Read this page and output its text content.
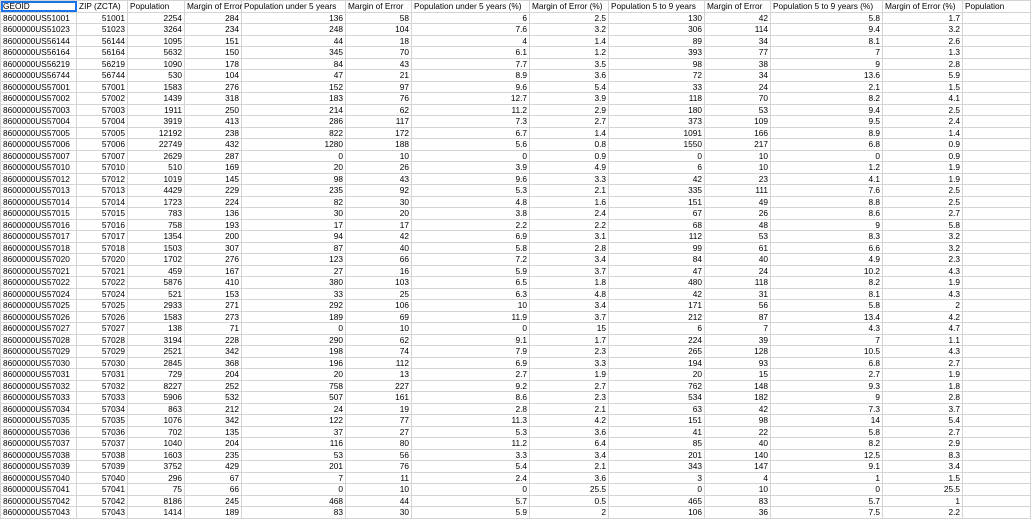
GEOID	ZIP (ZCTA)	Population	Margin of Error	Population under 5 years	Margin of Error	Population under 5 years (%)	Margin of Error (%)	Population 5 to 9 years	Margin of Error	Population 5 to 9 years (%)	Margin of Error (%)	Population
8600000US51001	51001	2254	284	136	58	6	2.5	130	42	5.8	1.7	
8600000US51023	51023	3264	234	248	104	7.6	3.2	306	114	9.4	3.2	
8600000US56144	56144	1095	151	44	18	4	1.4	89	34	8.1	2.6	
8600000US56164	56164	5632	150	345	70	6.1	1.2	393	77	7	1.3	
8600000US56219	56219	1090	178	84	43	7.7	3.5	98	38	9	2.8	
8600000US56744	56744	530	104	47	21	8.9	3.6	72	34	13.6	5.9	
8600000US57001	57001	1583	276	152	97	9.6	5.4	33	24	2.1	1.5	
8600000US57002	57002	1439	318	183	76	12.7	3.9	118	70	8.2	4.1	
8600000US57003	57003	1911	250	214	62	11.2	2.9	180	53	9.4	2.5	
8600000US57004	57004	3919	413	286	117	7.3	2.7	373	109	9.5	2.4	
8600000US57005	57005	12192	238	822	172	6.7	1.4	1091	166	8.9	1.4	
8600000US57006	57006	22749	432	1280	188	5.6	0.8	1550	217	6.8	0.9	
8600000US57007	57007	2629	287	0	10	0	0.9	0	10	0	0.9	
8600000US57010	57010	510	169	20	26	3.9	4.9	6	10	1.2	1.9	
8600000US57012	57012	1019	145	98	43	9.6	3.3	42	23	4.1	1.9	
8600000US57013	57013	4429	229	235	92	5.3	2.1	335	111	7.6	2.5	
8600000US57014	57014	1723	224	82	30	4.8	1.6	151	49	8.8	2.5	
8600000US57015	57015	783	136	30	20	3.8	2.4	67	26	8.6	2.7	
8600000US57016	57016	758	193	17	17	2.2	2.2	68	48	9	5.8	
8600000US57017	57017	1354	200	94	42	6.9	3.1	112	53	8.3	3.2	
8600000US57018	57018	1503	307	87	40	5.8	2.8	99	61	6.6	3.2	
8600000US57020	57020	1702	276	123	66	7.2	3.4	84	40	4.9	2.3	
8600000US57021	57021	459	167	27	16	5.9	3.7	47	24	10.2	4.3	
8600000US57022	57022	5876	410	380	103	6.5	1.8	480	118	8.2	1.9	
8600000US57024	57024	521	153	33	25	6.3	4.8	42	31	8.1	4.3	
8600000US57025	57025	2933	271	292	106	10	3.4	171	56	5.8	2	
8600000US57026	57026	1583	273	189	69	11.9	3.7	212	87	13.4	4.2	
8600000US57027	57027	138	71	0	10	0	15	6	7	4.3	4.7	
8600000US57028	57028	3194	228	290	62	9.1	1.7	224	39	7	1.1	
8600000US57029	57029	2521	342	198	74	7.9	2.3	265	128	10.5	4.3	
8600000US57030	57030	2845	368	196	112	6.9	3.3	194	93	6.8	2.7	
8600000US57031	57031	729	204	20	13	2.7	1.9	20	15	2.7	1.9	
8600000US57032	57032	8227	252	758	227	9.2	2.7	762	148	9.3	1.8	
8600000US57033	57033	5906	532	507	161	8.6	2.3	534	182	9	2.8	
8600000US57034	57034	863	212	24	19	2.8	2.1	63	42	7.3	3.7	
8600000US57035	57035	1076	342	122	77	11.3	4.2	151	98	14	5.4	
8600000US57036	57036	702	135	37	27	5.3	3.6	41	22	5.8	2.7	
8600000US57037	57037	1040	204	116	80	11.2	6.4	85	40	8.2	2.9	
8600000US57038	57038	1603	235	53	56	3.3	3.4	201	140	12.5	8.3	
8600000US57039	57039	3752	429	201	76	5.4	2.1	343	147	9.1	3.4	
8600000US57040	57040	296	67	7	11	2.4	3.6	3	4	1	1.5	
8600000US57041	57041	75	66	0	10	0	25.5	0	10	0	25.5	
8600000US57042	57042	8186	245	468	44	5.7	0.5	465	83	5.7	1	
8600000US57043	57043	1414	189	83	30	5.9	2	106	36	7.5	2.2	
